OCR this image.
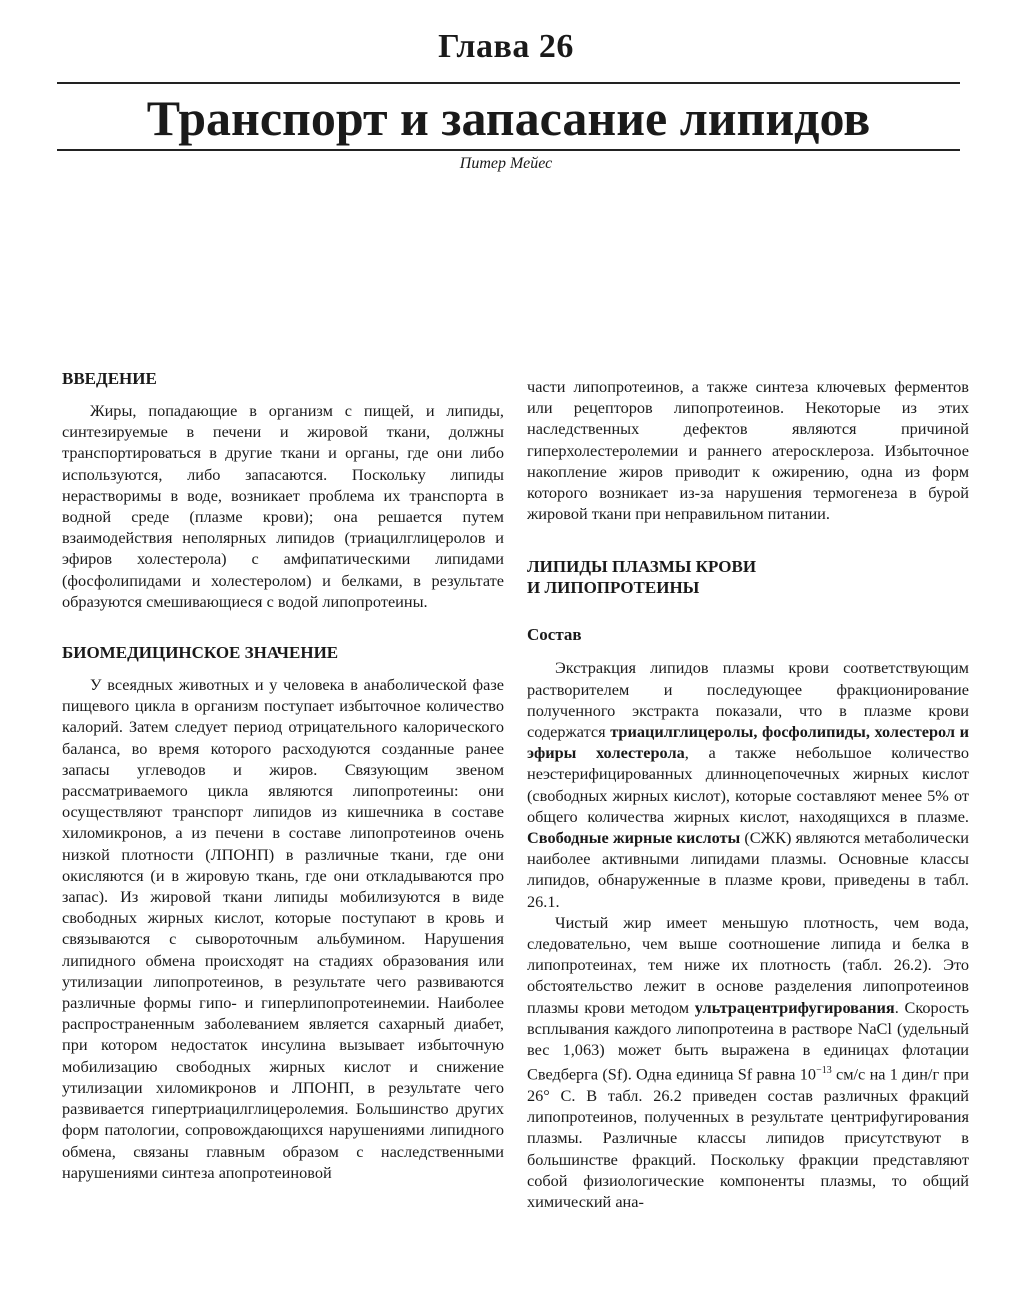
Глава 26
Транспорт и запасание липидов
Питер Мейес
ВВЕДЕНИЕ

Жиры, попадающие в организм с пищей, и липиды, синтезируемые в печени и жировой ткани, должны транспортироваться в другие ткани и органы, где они либо используются, либо запасаются. Поскольку липиды нерастворимы в воде, возникает проблема их транспорта в водной среде (плазме крови); она решается путем взаимодействия неполярных липидов (триацилглицеролов и эфиров холестерола) с амфипатическими липидами (фосфолипидами и холестеролом) и белками, в результате образуются смешивающиеся с водой липопротеины.

БИОМЕДИЦИНСКОЕ ЗНАЧЕНИЕ

У всеядных животных и у человека в анаболической фазе пищевого цикла в организм поступает избыточное количество калорий. Затем следует период отрицательного калорического баланса, во время которого расходуются созданные ранее запасы углеводов и жиров. Связующим звеном рассматриваемого цикла являются липопротеины: они осуществляют транспорт липидов из кишечника в составе хиломикронов, а из печени в составе липопротеинов очень низкой плотности (ЛПОНП) в различные ткани, где они окисляются (и в жировую ткань, где они откладываются про запас). Из жировой ткани липиды мобилизуются в виде свободных жирных кислот, которые поступают в кровь и связываются с сывороточным альбумином. Нарушения липидного обмена происходят на стадиях образования или утилизации липопротеинов, в результате чего развиваются различные формы гипо- и гиперлипопротеинемии. Наиболее распространенным заболеванием является сахарный диабет, при котором недостаток инсулина вызывает избыточную мобилизацию свободных жирных кислот и снижение утилизации хиломикронов и ЛПОНП, в результате чего развивается гипертриацилглицеролемия. Большинство других форм патологии, сопровождающихся нарушениями липидного обмена, связаны главным образом с наследственными нарушениями синтеза апопротеиновой

части липопротеинов, а также синтеза ключевых ферментов или рецепторов липопротеинов. Некоторые из этих наследственных дефектов являются причиной гиперхолестеролемии и раннего атеросклероза. Избыточное накопление жиров приводит к ожирению, одна из форм которого возникает из-за нарушения термогенеза в бурой жировой ткани при неправильном питании.

ЛИПИДЫ ПЛАЗМЫ КРОВИ
И ЛИПОПРОТЕИНЫ
Состав

Экстракция липидов плазмы крови соответствующим растворителем и последующее фракционирование полученного экстракта показали, что в плазме крови содержатся триацилглицеролы, фосфолипиды, холестерол и эфиры холестерола, а также небольшое количество неэстерифицированных длинноцепочечных жирных кислот (свободных жирных кислот), которые составляют менее 5% от общего количества жирных кислот, находящихся в плазме. Свободные жирные кислоты (СЖК) являются метаболически наиболее активными липидами плазмы. Основные классы липидов, обнаруженные в плазме крови, приведены в табл. 26.1.

Чистый жир имеет меньшую плотность, чем вода, следовательно, чем выше соотношение липида и белка в липопротеинах, тем ниже их плотность (табл. 26.2). Это обстоятельство лежит в основе разделения липопротеинов плазмы крови методом ультрацентрифугирования. Скорость всплывания каждого липопротеина в растворе NaCl (удельный вес 1,063) может быть выражена в единицах флотации Сведберга (Sf). Одна единица Sf равна $10^{-13}$ см/с на 1 дин/г при 26° С. В табл. 26.2 приведен состав различных фракций липопротеинов, полученных в результате центрифугирования плазмы. Различные классы липидов присутствуют в большинстве фракций. Поскольку фракции представляют собой физиологические компоненты плазмы, то общий химический ана-
